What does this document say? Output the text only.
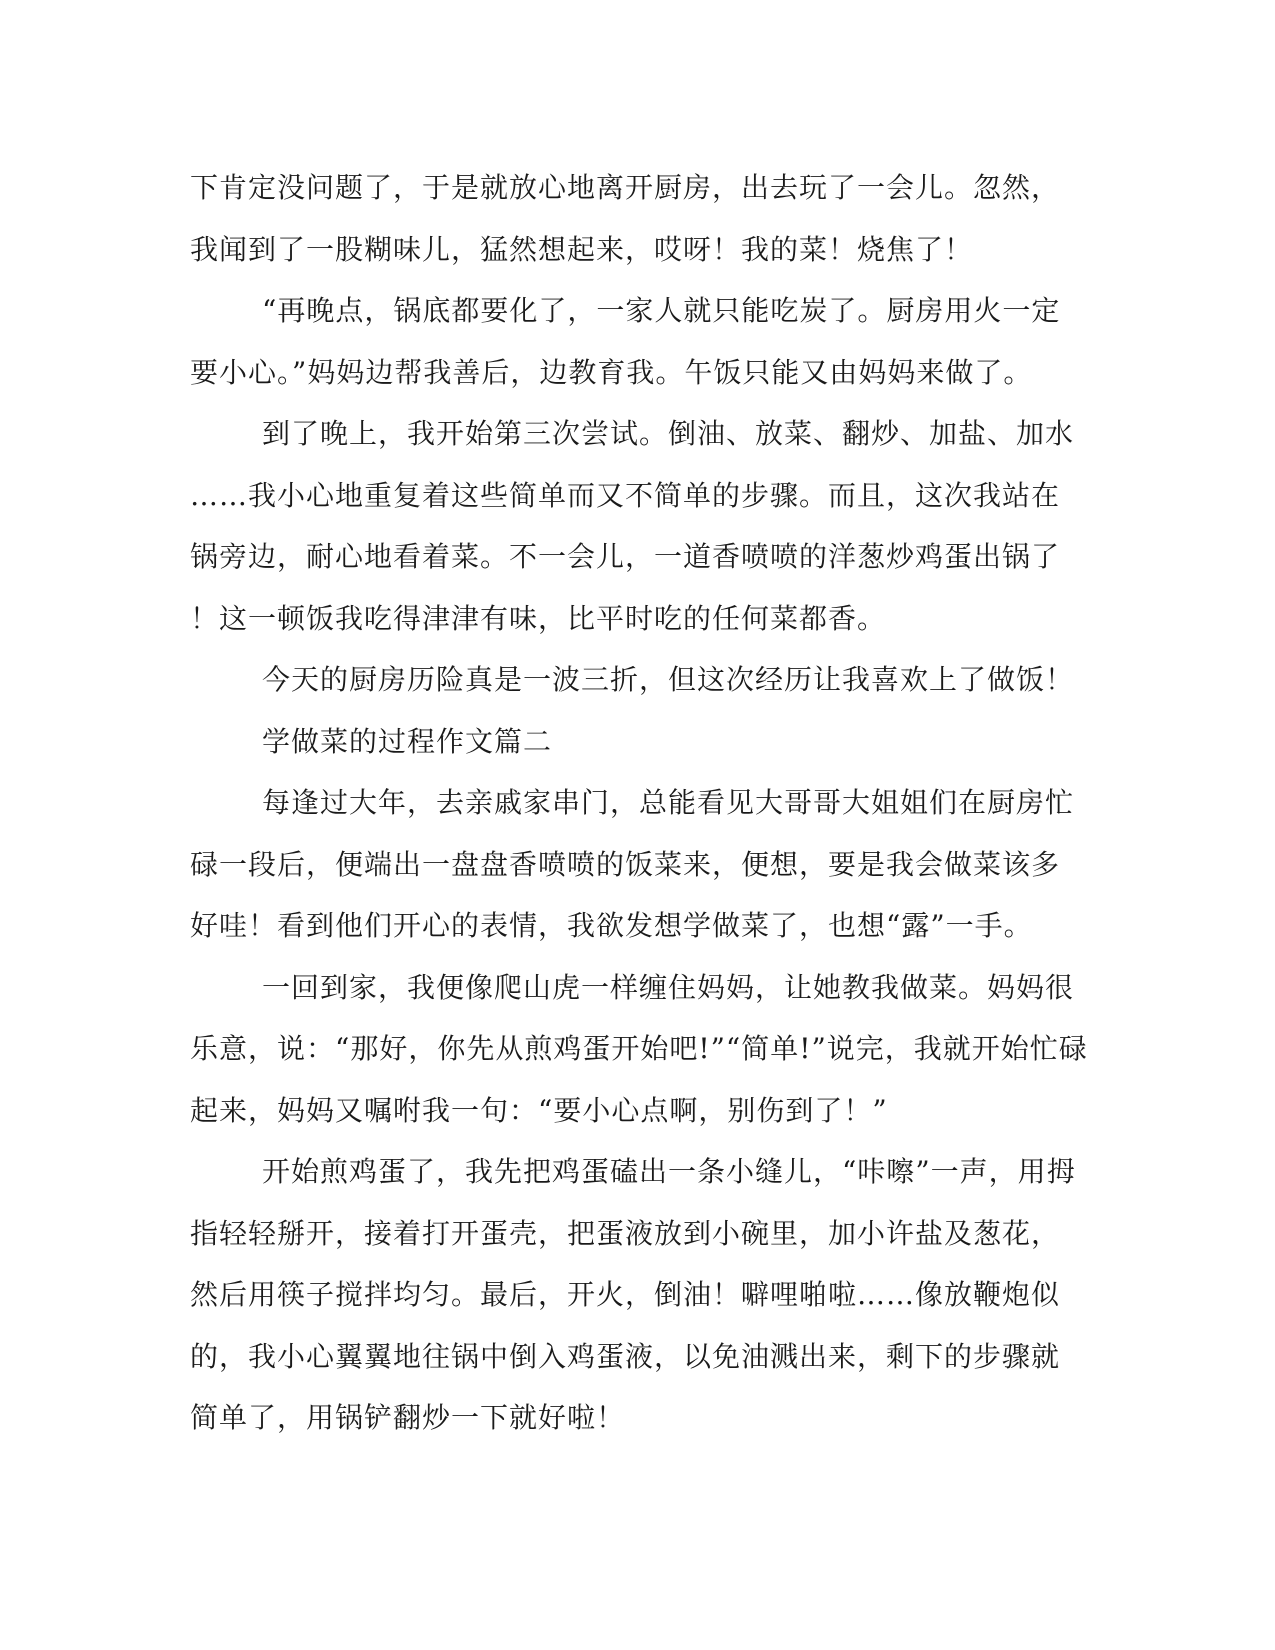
下肯定没问题了，于是就放心地离开厨房，出去玩了一会儿。忽然，
我闻到了一股糊味儿，猛然想起来，哎呀！我的菜！烧焦了！
“再晚点，锅底都要化了，一家人就只能吃炭了。厨房用火一定
要小心。”妈妈边帮我善后，边教育我。午饭只能又由妈妈来做了。
到了晚上，我开始第三次尝试。倒油、放菜、翻炒、加盐、加水
……我小心地重复着这些简单而又不简单的步骤。而且，这次我站在
锅旁边，耐心地看着菜。不一会儿，一道香喷喷的洋葱炒鸡蛋出锅了
！这一顿饭我吃得津津有味，比平时吃的任何菜都香。
今天的厨房历险真是一波三折，但这次经历让我喜欢上了做饭！
学做菜的过程作文篇二
每逢过大年，去亲戚家串门，总能看见大哥哥大姐姐们在厨房忙
碌一段后，便端出一盘盘香喷喷的饭菜来，便想，要是我会做菜该多
好哇！看到他们开心的表情，我欲发想学做菜了，也想“露”一手。
一回到家，我便像爬山虎一样缠住妈妈，让她教我做菜。妈妈很
乐意，说：“那好，你先从煎鸡蛋开始吧!”“简单!”说完，我就开始忙碌
起来，妈妈又嘱咐我一句：“要小心点啊，别伤到了！”
开始煎鸡蛋了，我先把鸡蛋磕出一条小缝儿，“咔嚓”一声，用拇
指轻轻掰开，接着打开蛋壳，把蛋液放到小碗里，加小许盐及葱花，
然后用筷子搅拌均匀。最后，开火，倒油！噼哩啪啦……像放鞭炮似
的，我小心翼翼地往锅中倒入鸡蛋液，以免油溅出来，剩下的步骤就
简单了，用锅铲翻炒一下就好啦！
